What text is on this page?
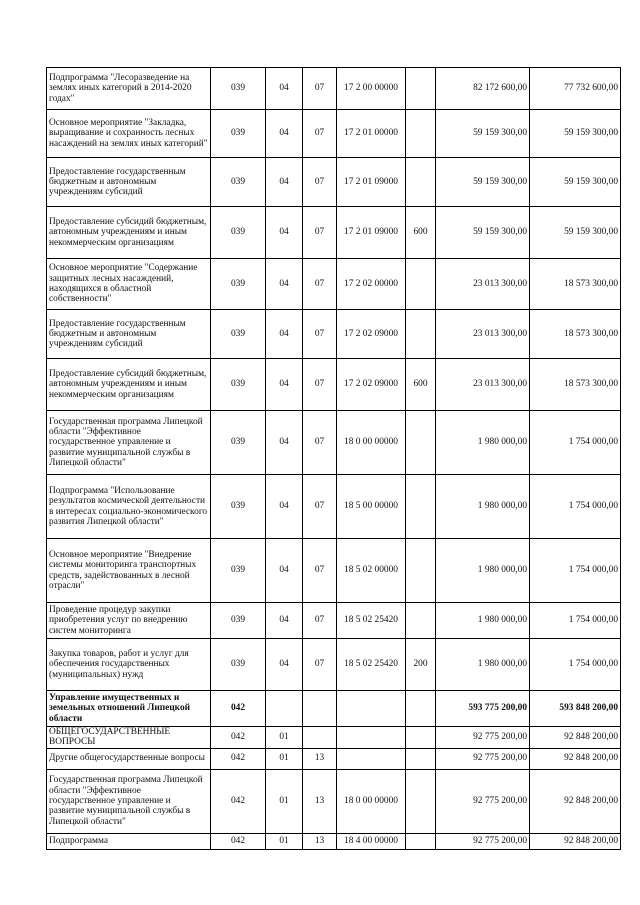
Подпрограмма "Лесоразведение на землях иных категорий в 2014-2020 годах"	039	04	07	17 2 00 00000		82 172 600,00	77 732 600,00
Основное мероприятие "Закладка, выращивание и сохранность лесных насаждений на землях иных категорий"	039	04	07	17 2 01 00000		59 159 300,00	59 159 300,00
Предоставление государственным бюджетным и автономным учреждениям субсидий	039	04	07	17 2 01 09000		59 159 300,00	59 159 300,00
Предоставление субсидий бюджетным, автономным учреждениям и иным некоммерческим организациям	039	04	07	17 2 01 09000	600	59 159 300,00	59 159 300,00
Основное мероприятие "Содержание защитных лесных насаждений, находящихся в областной собственности"	039	04	07	17 2 02 00000		23 013 300,00	18 573 300,00
Предоставление государственным бюджетным и автономным учреждениям субсидий	039	04	07	17 2 02 09000		23 013 300,00	18 573 300,00
Предоставление субсидий бюджетным, автономным учреждениям и иным некоммерческим организациям	039	04	07	17 2 02 09000	600	23 013 300,00	18 573 300,00
Государственная программа Липецкой области "Эффективное государственное управление и развитие муниципальной службы в Липецкой области"	039	04	07	18 0 00 00000		1 980 000,00	1 754 000,00
Подпрограмма "Использование результатов космической деятельности в интересах социально-экономического развития Липецкой области"	039	04	07	18 5 00 00000		1 980 000,00	1 754 000,00
Основное мероприятие "Внедрение системы мониторинга транспортных средств, задействованных в лесной отрасли"	039	04	07	18 5 02 00000		1 980 000,00	1 754 000,00
Проведение процедур закупки приобретения услуг по внедрению систем мониторинга	039	04	07	18 5 02 25420		1 980 000,00	1 754 000,00
Закупка товаров, работ и услуг для обеспечения государственных (муниципальных) нужд	039	04	07	18 5 02 25420	200	1 980 000,00	1 754 000,00
Управление имущественных и земельных отношений Липецкой области	042					593 775 200,00	593 848 200,00
ОБЩЕГОСУДАРСТВЕННЫЕ ВОПРОСЫ	042	01				92 775 200,00	92 848 200,00
Другие общегосударственные вопросы	042	01	13			92 775 200,00	92 848 200,00
Государственная программа Липецкой области "Эффективное государственное управление и развитие муниципальной службы в Липецкой области"	042	01	13	18 0 00 00000		92 775 200,00	92 848 200,00
Подпрограмма	042	01	13	18 4 00 00000		92 775 200,00	92 848 200,00
